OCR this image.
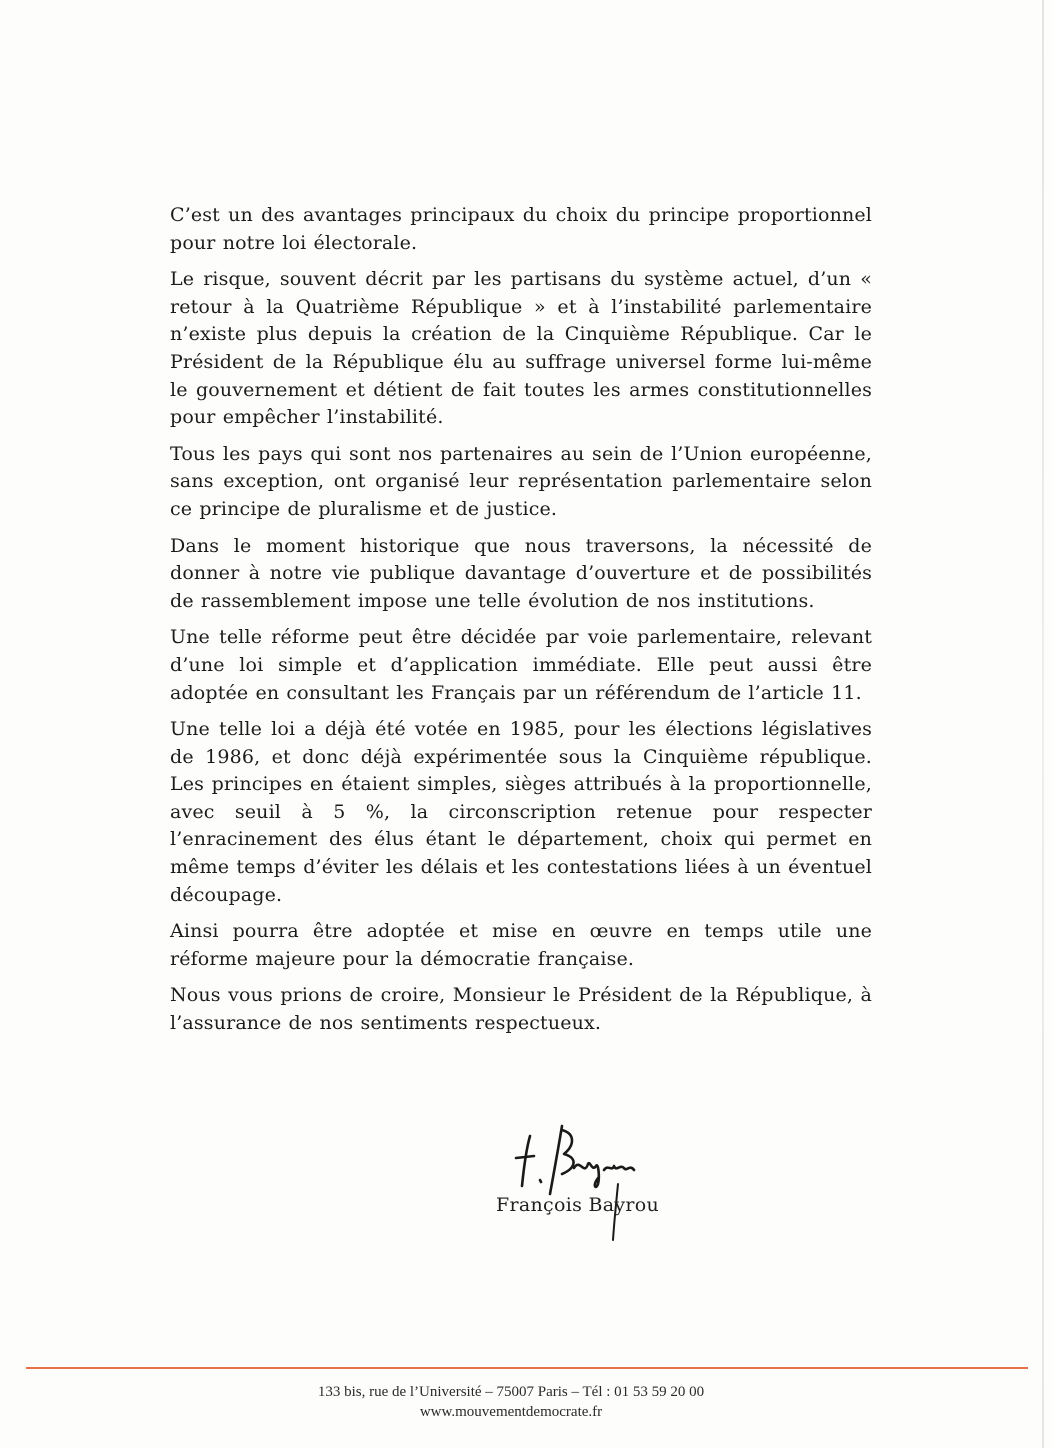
C’est un des avantages principaux du choix du principe proportionnel pour notre loi électorale.

Le risque, souvent décrit par les partisans du système actuel, d’un « retour à la Quatrième République » et à l’instabilité parlementaire n’existe plus depuis la création de la Cinquième République. Car le Président de la République élu au suffrage universel forme lui-même le gouvernement et détient de fait toutes les armes constitutionnelles pour empêcher l’instabilité.

Tous les pays qui sont nos partenaires au sein de l’Union européenne, sans exception, ont organisé leur représentation parlementaire selon ce principe de pluralisme et de justice.

Dans le moment historique que nous traversons, la nécessité de donner à notre vie publique davantage d’ouverture et de possibilités de rassemblement impose une telle évolution de nos institutions.

Une telle réforme peut être décidée par voie parlementaire, relevant d’une loi simple et d’application immédiate. Elle peut aussi être adoptée en consultant les Français par un référendum de l’article 11.

Une telle loi a déjà été votée en 1985, pour les élections législatives de 1986, et donc déjà expérimentée sous la Cinquième république. Les principes en étaient simples, sièges attribués à la proportionnelle, avec seuil à 5 %, la circonscription retenue pour respecter l’enracinement des élus étant le département, choix qui permet en même temps d’éviter les délais et les contestations liées à un éventuel découpage.

Ainsi pourra être adoptée et mise en œuvre en temps utile une réforme majeure pour la démocratie française.

Nous vous prions de croire, Monsieur le Président de la République, à l’assurance de nos sentiments respectueux.

François Bayrou
133 bis, rue de l’Université – 75007 Paris – Tél : 01 53 59 20 00
www.mouvementdemocrate.fr
